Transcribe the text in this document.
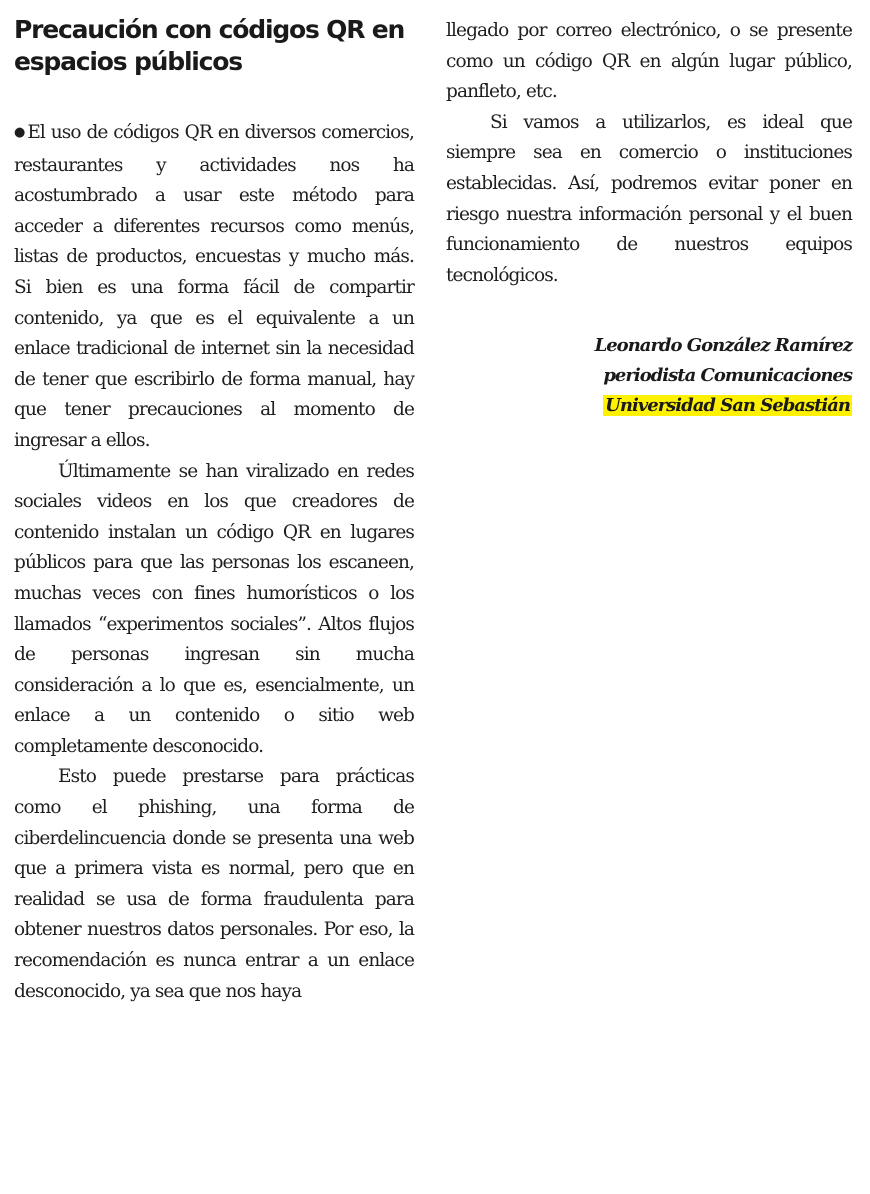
Precaución con códigos QR en espacios públicos

● El uso de códigos QR en diversos comercios, restaurantes y actividades nos ha acostumbrado a usar este método para acceder a diferentes recursos como menús, listas de productos, encuestas y mucho más. Si bien es una forma fácil de compartir contenido, ya que es el equivalente a un enlace tradicional de internet sin la necesidad de tener que escribirlo de forma manual, hay que tener precauciones al momento de ingresar a ellos.

Últimamente se han viralizado en redes sociales videos en los que creadores de contenido instalan un código QR en lugares públicos para que las personas los escaneen, muchas veces con fines humorísticos o los llamados “experimentos sociales”. Altos flujos de personas ingresan sin mucha consideración a lo que es, esencialmente, un enlace a un contenido o sitio web completamente desconocido.

Esto puede prestarse para prácticas como el phishing, una forma de ciberdelincuencia donde se presenta una web que a primera vista es normal, pero que en realidad se usa de forma fraudulenta para obtener nuestros datos personales. Por eso, la recomendación es nunca entrar a un enlace desconocido, ya sea que nos haya

llegado por correo electrónico, o se presente como un código QR en algún lugar público, panfleto, etc.

Si vamos a utilizarlos, es ideal que siempre sea en comercio o instituciones establecidas. Así, podremos evitar poner en riesgo nuestra información personal y el buen funcionamiento de nuestros equipos tecnológicos.

Leonardo González Ramírez
periodista Comunicaciones
Universidad San Sebastián
